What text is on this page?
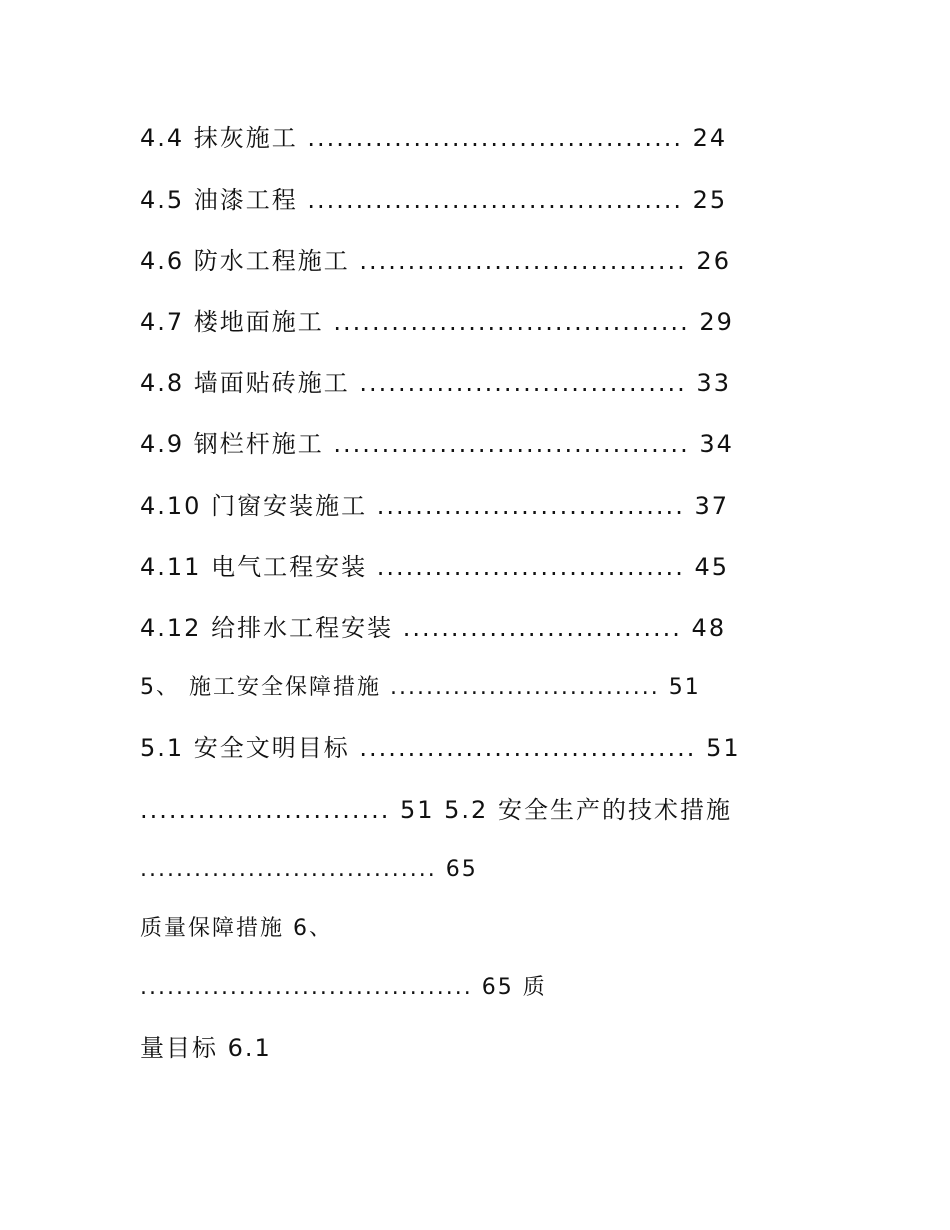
4.4 抹灰施工 ....................................... 24
4.5 油漆工程 ....................................... 25
4.6 防水工程施工 .................................. 26
4.7 楼地面施工 ..................................... 29
4.8 墙面贴砖施工 .................................. 33
4.9 钢栏杆施工 ..................................... 34
4.10 门窗安装施工 ................................ 37
4.11 电气工程安装 ................................ 45
4.12 给排水工程安装 ............................. 48
5、 施工安全保障措施 .............................. 51
5.1 安全文明目标 ................................... 51
.......................... 51 5.2 安全生产的技术措施
................................. 65
质量保障措施 6、
..................................... 65 质
量目标 6.1
